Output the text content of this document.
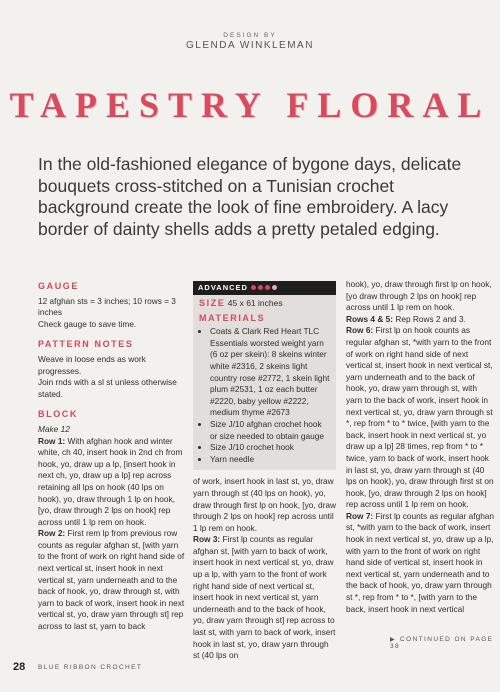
DESIGN BY
GLENDA WINKLEMAN
TAPESTRY FLORAL
In the old-fashioned elegance of bygone days, delicate bouquets cross-stitched on a Tunisian crochet background create the look of fine embroidery. A lacy border of dainty shells adds a pretty petaled edging.
GAUGE

12 afghan sts = 3 inches; 10 rows = 3 inches

Check gauge to save time.

PATTERN NOTES

Weave in loose ends as work progresses.

Join rnds with a sl st unless otherwise stated.

BLOCK

Make 12

Row 1: With afghan hook and winter white, ch 40, insert hook in 2nd ch from hook, yo, draw up a lp, [insert hook in next ch, yo, draw up a lp] rep across retaining all lps on hook (40 lps on hook), yo, draw through 1 lp on hook, [yo, draw through 2 lps on hook] rep across until 1 lp rem on hook.

Row 2: First rem lp from previous row counts as regular afghan st, [with yarn to the front of work on right hand side of next vertical st, insert hook in next vertical st, yarn underneath and to the back of hook, yo, draw through st, with yarn to back of work, insert hook in next vertical st, yo, draw yarn through st] rep across to last st, yarn to back

ADVANCED
SIZE 45 x 61 inches
MATERIALS
• Coats & Clark Red Heart TLC Essentials worsted weight yarn (6 oz per skein): 8 skeins winter white #2316, 2 skeins light country rose #2772, 1 skein light plum #2531, 1 oz each butter #2220, baby yellow #2222, medium thyme #2673
• Size J/10 afghan crochet hook or size needed to obtain gauge
• Size J/10 crochet hook
• Yarn needle

of work, insert hook in last st, yo, draw yarn through st (40 lps on hook), yo, draw through first lp on hook, [yo, draw through 2 lps on hook] rep across until 1 lp rem on hook.

Row 3: First lp counts as regular afghan st, [with yarn to back of work, insert hook in next vertical st, yo, draw up a lp, with yarn to the front of work right hand side of next vertical st, insert hook in next vertical st, yarn underneath and to the back of hook, yo, draw yarn through st] rep across to last st, with yarn to back of work, insert hook in last st, yo, draw yarn through st (40 lps on

hook), yo, draw through first lp on hook, [yo draw through 2 lps on hook] rep across until 1 lp rem on hook.

Rows 4 & 5: Rep Rows 2 and 3.

Row 6: First lp on hook counts as regular afghan st, *with yarn to the front of work on right hand side of next vertical st, insert hook in next vertical st, yarn underneath and to the back of hook, yo, draw yarn through st, with yarn to the back of work, insert hook in next vertical st, yo, draw yarn through st *, rep from * to * twice, [with yarn to the back, insert hook in next vertical st, yo draw up a lp] 28 times, rep from * to * twice, yarn to back of work, insert hook in last st, yo, draw yarn through st (40 lps on hook), yo, draw through first st on hook, [yo, draw through 2 lps on hook] rep across until 1 lp rem on hook.

Row 7: First lp counts as regular afghan st, *with yarn to the back of work, insert hook in next vertical st, yo, draw up a lp, with yarn to the front of work on right hand side of vertical st, insert hook in next vertical st, yarn underneath and to the back of hook, yo, draw yarn through st *, rep from * to *, [with yarn to the back, insert hook in next vertical

▶ CONTINUED ON PAGE 38
28 BLUE RIBBON CROCHET
